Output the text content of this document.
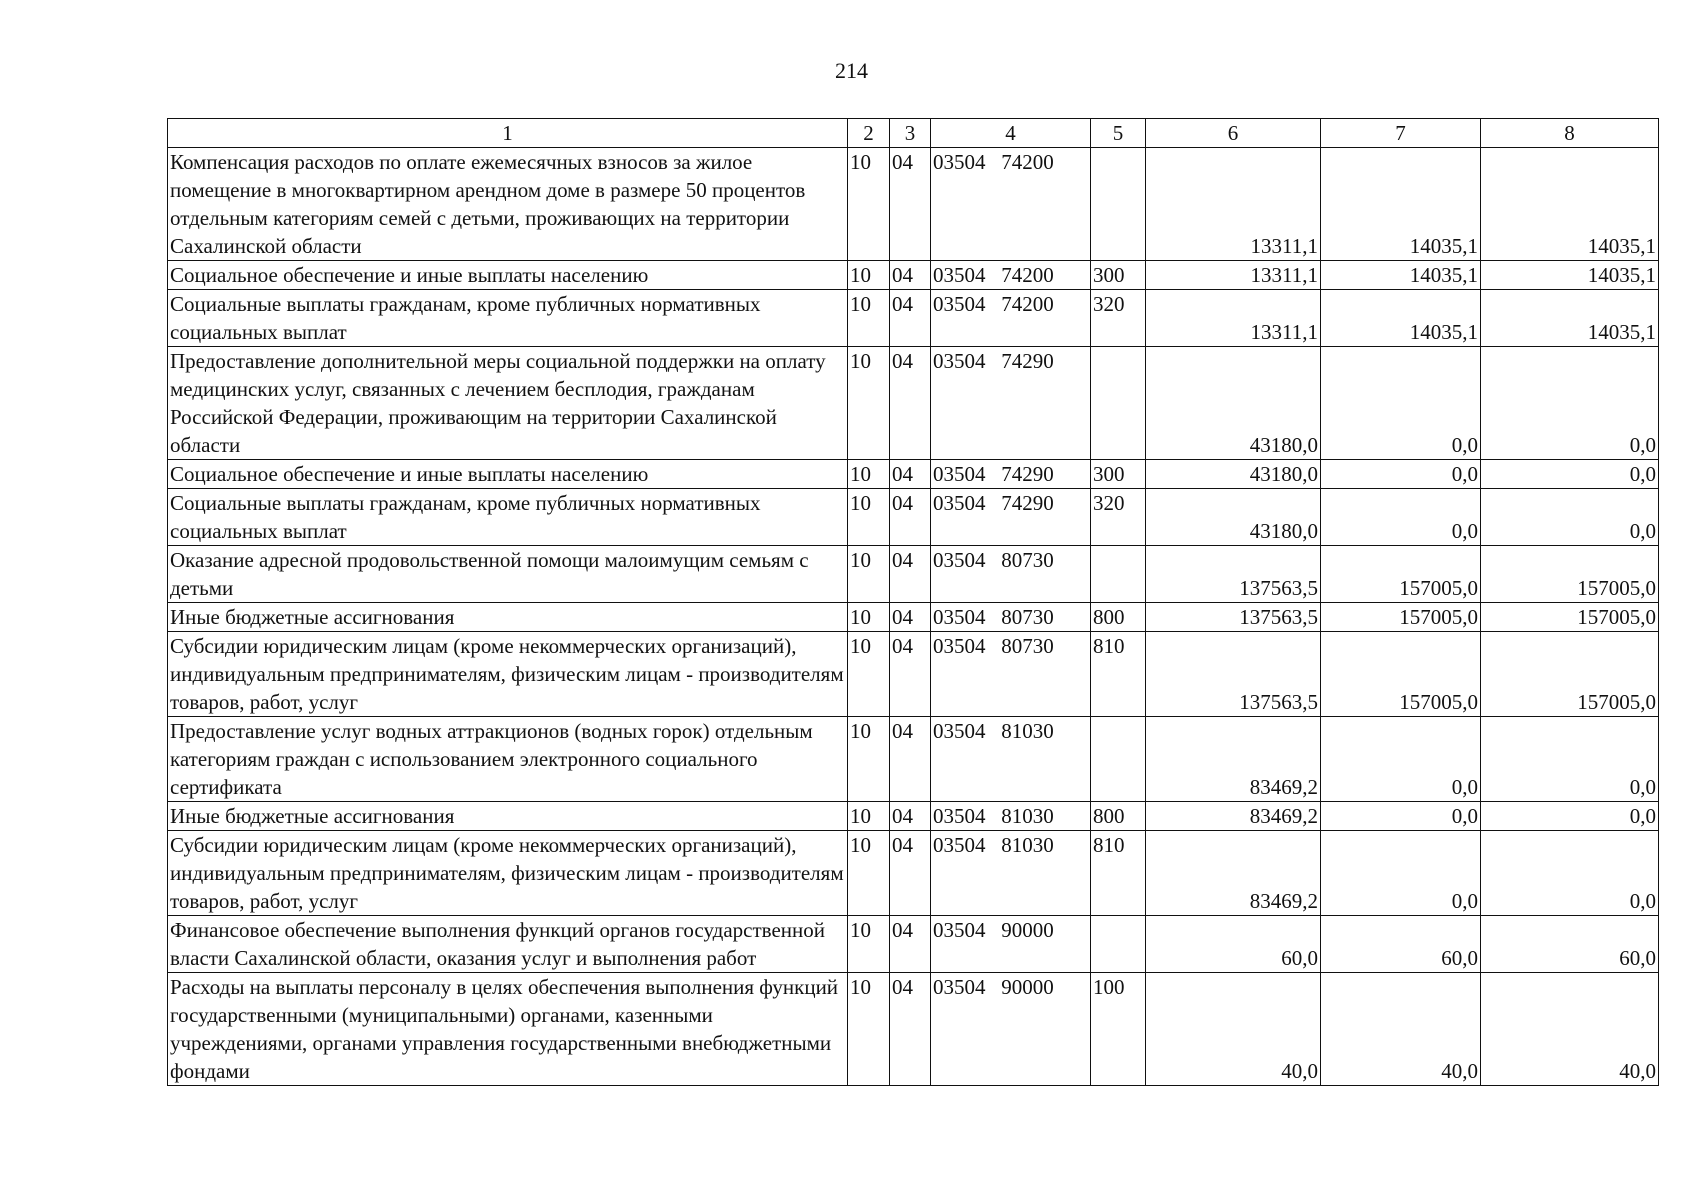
214
1	2	3	4	5	6	7	8
Компенсация расходов по оплате ежемесячных взносов за жилое помещение в многоквартирном арендном доме в размере 50 процентов отдельным категориям семей с детьми, проживающих на территории Сахалинской области	10	04	03504   74200		13311,1	14035,1	14035,1
Социальное обеспечение и иные выплаты населению	10	04	03504   74200	300	13311,1	14035,1	14035,1
Социальные выплаты гражданам, кроме публичных нормативных социальных выплат	10	04	03504   74200	320	13311,1	14035,1	14035,1
Предоставление дополнительной меры социальной поддержки на оплату медицинских услуг, связанных с лечением бесплодия, гражданам Российской Федерации, проживающим на территории Сахалинской области	10	04	03504   74290		43180,0	0,0	0,0
Социальное обеспечение и иные выплаты населению	10	04	03504   74290	300	43180,0	0,0	0,0
Социальные выплаты гражданам, кроме публичных нормативных социальных выплат	10	04	03504   74290	320	43180,0	0,0	0,0
Оказание адресной продовольственной помощи малоимущим семьям с детьми	10	04	03504   80730		137563,5	157005,0	157005,0
Иные бюджетные ассигнования	10	04	03504   80730	800	137563,5	157005,0	157005,0
Субсидии юридическим лицам (кроме некоммерческих организаций), индивидуальным предпринимателям, физическим лицам - производителям товаров, работ, услуг	10	04	03504   80730	810	137563,5	157005,0	157005,0
Предоставление услуг водных аттракционов (водных горок) отдельным категориям граждан с использованием электронного социального сертификата	10	04	03504   81030		83469,2	0,0	0,0
Иные бюджетные ассигнования	10	04	03504   81030	800	83469,2	0,0	0,0
Субсидии юридическим лицам (кроме некоммерческих организаций), индивидуальным предпринимателям, физическим лицам - производителям товаров, работ, услуг	10	04	03504   81030	810	83469,2	0,0	0,0
Финансовое обеспечение выполнения функций органов государственной власти Сахалинской области, оказания услуг и выполнения работ	10	04	03504   90000		60,0	60,0	60,0
Расходы на выплаты персоналу в целях обеспечения выполнения функций государственными (муниципальными) органами, казенными учреждениями, органами управления государственными внебюджетными фондами	10	04	03504   90000	100	40,0	40,0	40,0
